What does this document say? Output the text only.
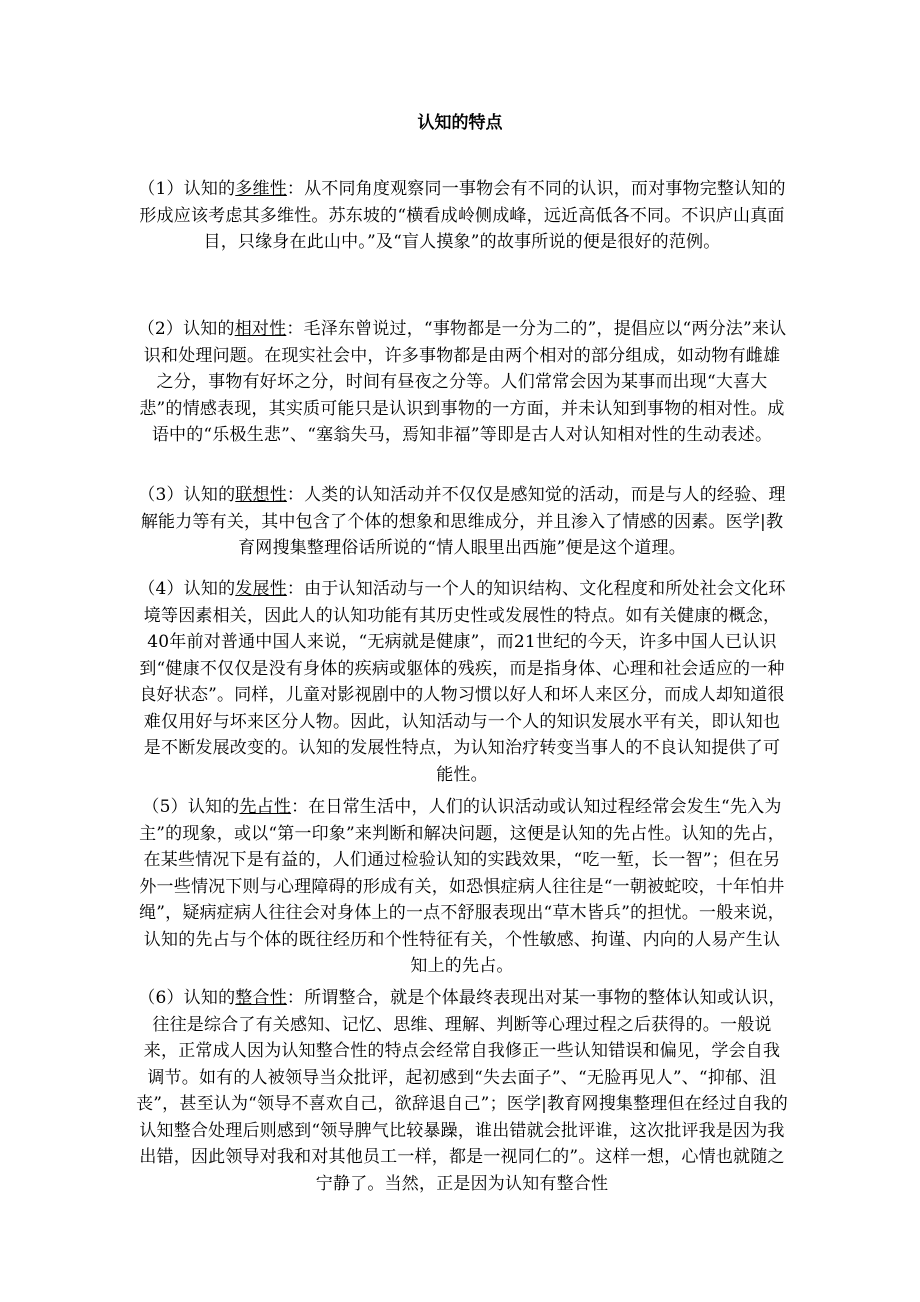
认知的特点

（1）认知的多维性：从不同角度观察同一事物会有不同的认识，而对事物完整认知的形成应该考虑其多维性。苏东坡的“横看成岭侧成峰，远近高低各不同。不识庐山真面目，只缘身在此山中。”及“盲人摸象”的故事所说的便是很好的范例。

（2）认知的相对性：毛泽东曾说过，“事物都是一分为二的”，提倡应以“两分法”来认识和处理问题。在现实社会中，许多事物都是由两个相对的部分组成，如动物有雌雄之分，事物有好坏之分，时间有昼夜之分等。人们常常会因为某事而出现“大喜大悲”的情感表现，其实质可能只是认识到事物的一方面，并未认知到事物的相对性。成语中的“乐极生悲”、“塞翁失马，焉知非福”等即是古人对认知相对性的生动表述。

（3）认知的联想性：人类的认知活动并不仅仅是感知觉的活动，而是与人的经验、理解能力等有关，其中包含了个体的想象和思维成分，并且渗入了情感的因素。医学|教育网搜集整理俗话所说的“情人眼里出西施”便是这个道理。

（4）认知的发展性：由于认知活动与一个人的知识结构、文化程度和所处社会文化环境等因素相关，因此人的认知功能有其历史性或发展性的特点。如有关健康的概念，40年前对普通中国人来说，“无病就是健康”，而21世纪的今天，许多中国人已认识到“健康不仅仅是没有身体的疾病或躯体的残疾，而是指身体、心理和社会适应的一种良好状态”。同样，儿童对影视剧中的人物习惯以好人和坏人来区分，而成人却知道很难仅用好与坏来区分人物。因此，认知活动与一个人的知识发展水平有关，即认知也是不断发展改变的。认知的发展性特点，为认知治疗转变当事人的不良认知提供了可能性。

（5）认知的先占性：在日常生活中，人们的认识活动或认知过程经常会发生“先入为主”的现象，或以“第一印象”来判断和解决问题，这便是认知的先占性。认知的先占，在某些情况下是有益的，人们通过检验认知的实践效果，“吃一堑，长一智”；但在另外一些情况下则与心理障碍的形成有关，如恐惧症病人往往是“一朝被蛇咬，十年怕井绳”，疑病症病人往往会对身体上的一点不舒服表现出“草木皆兵”的担忧。一般来说，认知的先占与个体的既往经历和个性特征有关，个性敏感、拘谨、内向的人易产生认知上的先占。

（6）认知的整合性：所谓整合，就是个体最终表现出对某一事物的整体认知或认识，往往是综合了有关感知、记忆、思维、理解、判断等心理过程之后获得的。一般说来，正常成人因为认知整合性的特点会经常自我修正一些认知错误和偏见，学会自我调节。如有的人被领导当众批评，起初感到“失去面子”、“无脸再见人”、“抑郁、沮丧”，甚至认为“领导不喜欢自己，欲辞退自己”；医学|教育网搜集整理但在经过自我的认知整合处理后则感到“领导脾气比较暴躁，谁出错就会批评谁，这次批评我是因为我出错，因此领导对我和对其他员工一样，都是一视同仁的”。这样一想，心情也就随之宁静了。当然，正是因为认知有整合性
